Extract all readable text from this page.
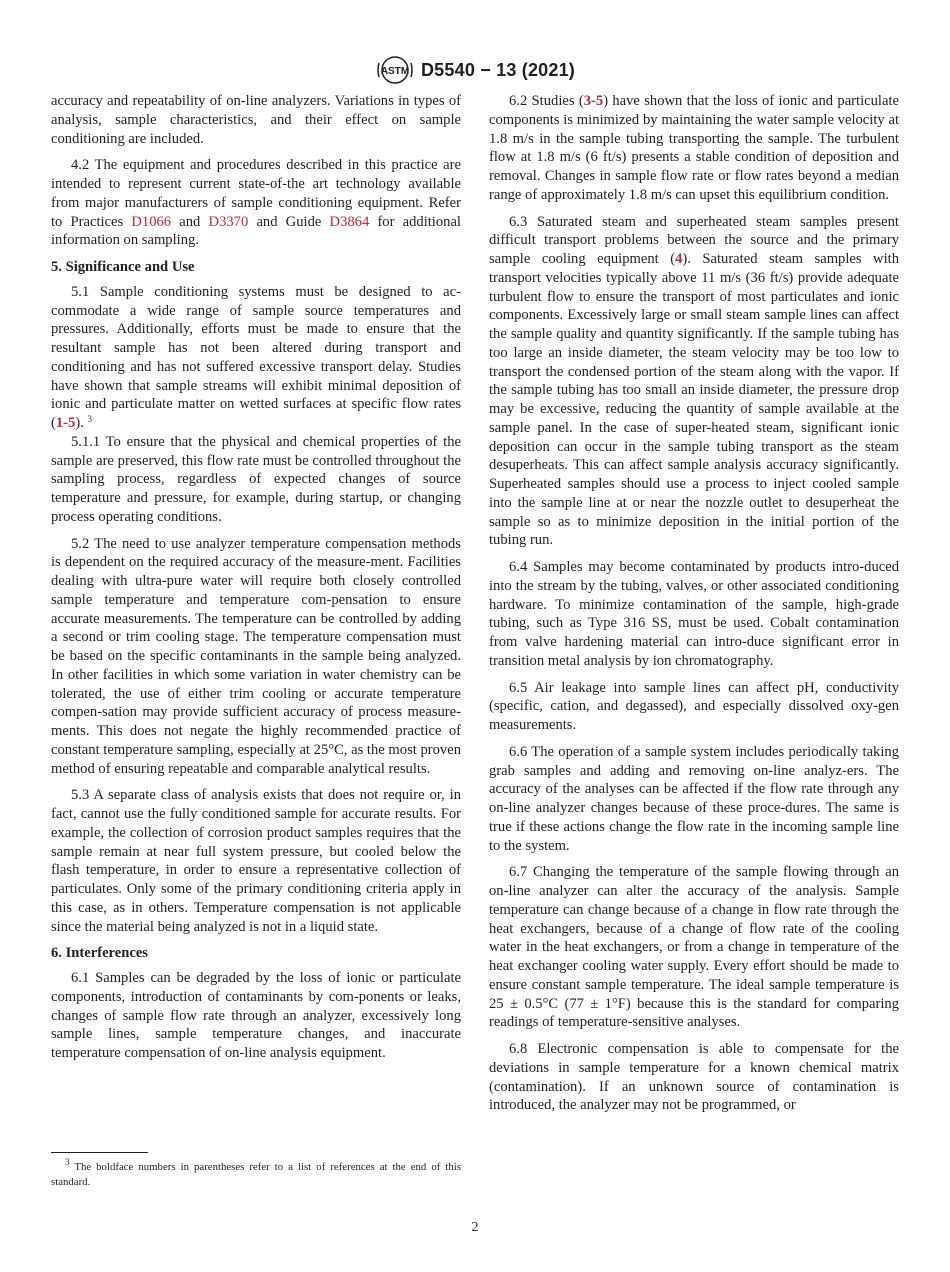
ASTM D5540 − 13 (2021)

accuracy and repeatability of on-line analyzers. Variations in types of analysis, sample characteristics, and their effect on sample conditioning are included.

4.2 The equipment and procedures described in this practice are intended to represent current state-of-the art technology available from major manufacturers of sample conditioning equipment. Refer to Practices D1066 and D3370 and Guide D3864 for additional information on sampling.

5. Significance and Use

5.1 Sample conditioning systems must be designed to ac-commodate a wide range of sample source temperatures and pressures. Additionally, efforts must be made to ensure that the resultant sample has not been altered during transport and conditioning and has not suffered excessive transport delay. Studies have shown that sample streams will exhibit minimal deposition of ionic and particulate matter on wetted surfaces at specific flow rates (1-5). $^3$

5.1.1 To ensure that the physical and chemical properties of the sample are preserved, this flow rate must be controlled throughout the sampling process, regardless of expected changes of source temperature and pressure, for example, during startup, or changing process operating conditions.

5.2 The need to use analyzer temperature compensation methods is dependent on the required accuracy of the measure-ment. Facilities dealing with ultra-pure water will require both closely controlled sample temperature and temperature com-pensation to ensure accurate measurements. The temperature can be controlled by adding a second or trim cooling stage. The temperature compensation must be based on the specific contaminants in the sample being analyzed. In other facilities in which some variation in water chemistry can be tolerated, the use of either trim cooling or accurate temperature compen-sation may provide sufficient accuracy of process measure-ments. This does not negate the highly recommended practice of constant temperature sampling, especially at 25°C, as the most proven method of ensuring repeatable and comparable analytical results.

5.3 A separate class of analysis exists that does not require or, in fact, cannot use the fully conditioned sample for accurate results. For example, the collection of corrosion product samples requires that the sample remain at near full system pressure, but cooled below the flash temperature, in order to ensure a representative collection of particulates. Only some of the primary conditioning criteria apply in this case, as in others. Temperature compensation is not applicable since the material being analyzed is not in a liquid state.

6. Interferences

6.1 Samples can be degraded by the loss of ionic or particulate components, introduction of contaminants by com-ponents or leaks, changes of sample flow rate through an analyzer, excessively long sample lines, sample temperature changes, and inaccurate temperature compensation of on-line analysis equipment.

$^3$ The boldface numbers in parentheses refer to a list of references at the end of this standard.

6.2 Studies (3-5) have shown that the loss of ionic and particulate components is minimized by maintaining the water sample velocity at 1.8 m/s in the sample tubing transporting the sample. The turbulent flow at 1.8 m/s (6 ft/s) presents a stable condition of deposition and removal. Changes in sample flow rate or flow rates beyond a median range of approximately 1.8 m/s can upset this equilibrium condition.

6.3 Saturated steam and superheated steam samples present difficult transport problems between the source and the primary sample cooling equipment (4). Saturated steam samples with transport velocities typically above 11 m/s (36 ft/s) provide adequate turbulent flow to ensure the transport of most particulates and ionic components. Excessively large or small steam sample lines can affect the sample quality and quantity significantly. If the sample tubing has too large an inside diameter, the steam velocity may be too low to transport the condensed portion of the steam along with the vapor. If the sample tubing has too small an inside diameter, the pressure drop may be excessive, reducing the quantity of sample available at the sample panel. In the case of super-heated steam, significant ionic deposition can occur in the sample tubing transport as the steam desuperheats. This can affect sample analysis accuracy significantly. Superheated samples should use a process to inject cooled sample into the sample line at or near the nozzle outlet to desuperheat the sample so as to minimize deposition in the initial portion of the tubing run.

6.4 Samples may become contaminated by products intro-duced into the stream by the tubing, valves, or other associated conditioning hardware. To minimize contamination of the sample, high-grade tubing, such as Type 316 SS, must be used. Cobalt contamination from valve hardening material can intro-duce significant error in transition metal analysis by ion chromatography.

6.5 Air leakage into sample lines can affect pH, conductivity (specific, cation, and degassed), and especially dissolved oxy-gen measurements.

6.6 The operation of a sample system includes periodically taking grab samples and adding and removing on-line analyz-ers. The accuracy of the analyses can be affected if the flow rate through any on-line analyzer changes because of these proce-dures. The same is true if these actions change the flow rate in the incoming sample line to the system.

6.7 Changing the temperature of the sample flowing through an on-line analyzer can alter the accuracy of the analysis. Sample temperature can change because of a change in flow rate through the heat exchangers, because of a change of flow rate of the cooling water in the heat exchangers, or from a change in temperature of the heat exchanger cooling water supply. Every effort should be made to ensure constant sample temperature. The ideal sample temperature is 25 ± 0.5°C (77 ± 1°F) because this is the standard for comparing readings of temperature-sensitive analyses.

6.8 Electronic compensation is able to compensate for the deviations in sample temperature for a known chemical matrix (contamination). If an unknown source of contamination is introduced, the analyzer may not be programmed, or

2
